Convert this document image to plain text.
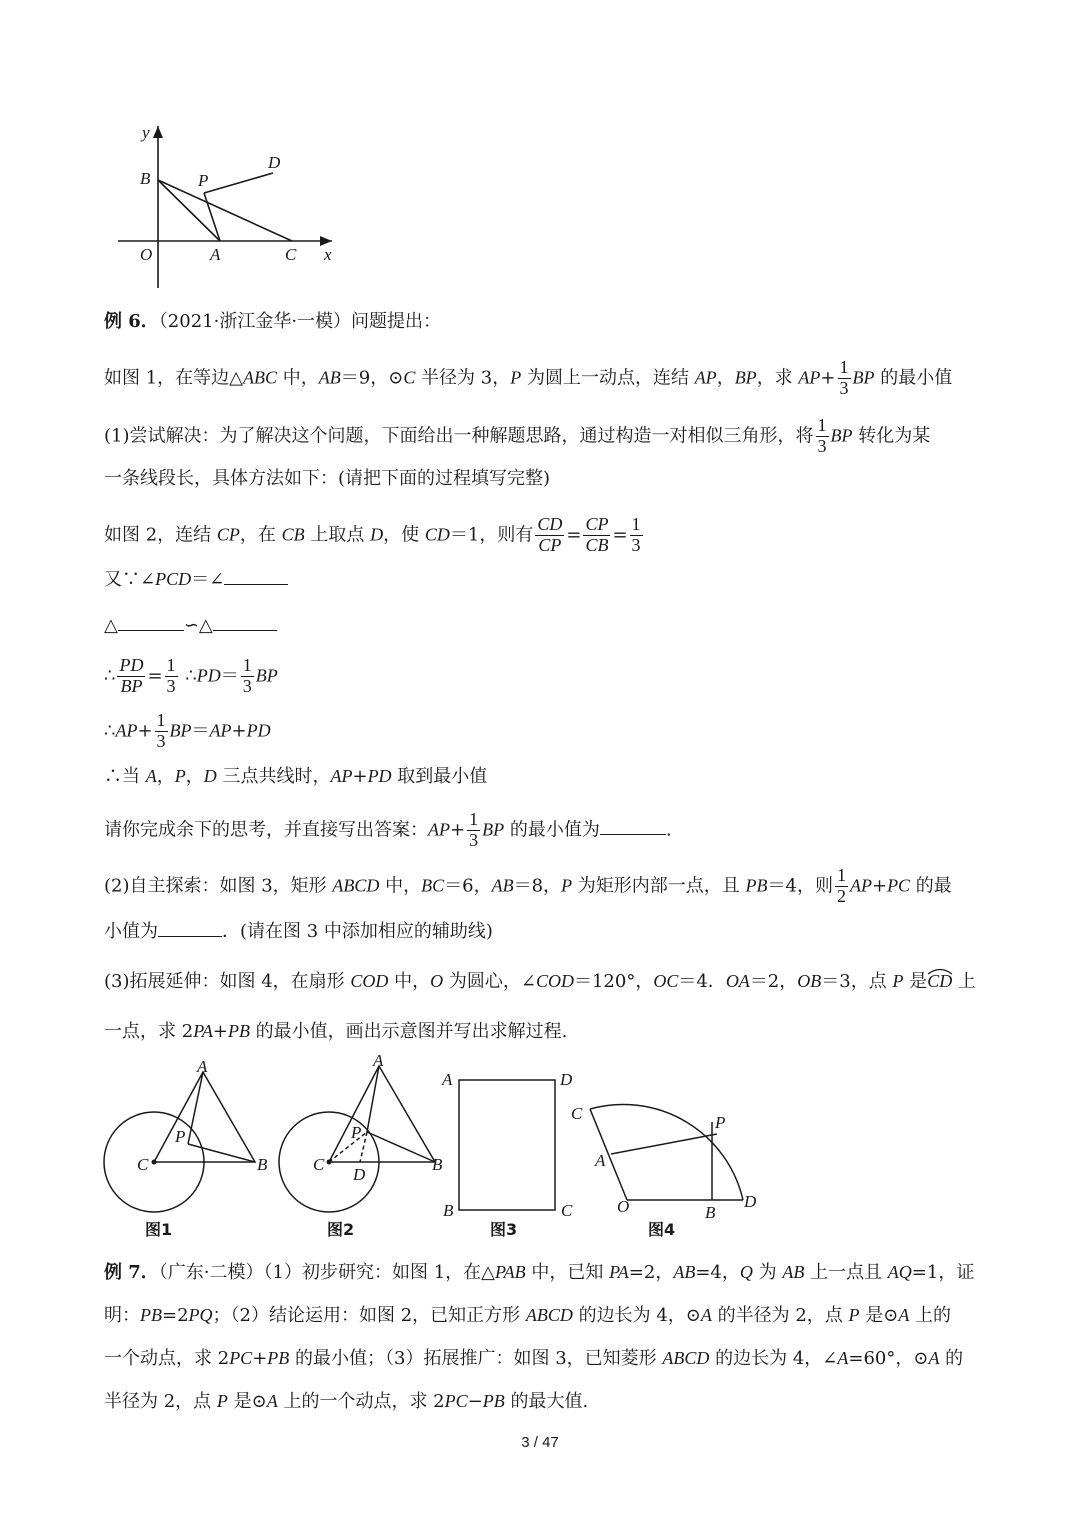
y
x
O	A	C
B	P
D
例 6．（2021·浙江金华·一模）问题提出：
如图 1，在等边△ABC 中，AB＝9，⊙C 半径为 3，P 为圆上一动点，连结 AP，BP，求 $AP+ \frac{1}{3}$ BP 的最小值
(1)尝试解决：为了解决这个问题，下面给出一种解题思路，通过构造一对相似三角形，将 $\frac{1}{3}$ BP 转化为某
一条线段长，具体方法如下：(请把下面的过程填写完整)
如图 2，连结 CP，在 CB 上取点 D，使 CD＝1，则有 $\frac{CD}{CP} = \frac{CP}{CB} = \frac{1}{3}$
又∵∠PCD＝∠
△	∽△
∴ $\frac{PD}{BP} = \frac{1}{3}$ ∴PD＝ $\frac{1}{3}$ BP
∴AP+ $\frac{1}{3} BP=AP+PD$
∴当 A，P，D 三点共线时，AP+PD 取到最小值
请你完成余下的思考，并直接写出答案：$AP+ \frac{1}{3}$ BP 的最小值为	.
(2)自主探索：如图 3，矩形 ABCD 中，BC＝6，AB＝8，P 为矩形内部一点，且 PB＝4，则 $\frac{1}{2} AP+PC$ 的最
小值为	．(请在图 3 中添加相应的辅助线)
(3)拓展延伸：如图 4，在扇形 COD 中，O 为圆心，∠COD＝120°，OC＝4．OA＝2，OB＝3，点 P 是CD
上
一点，求 2PA+PB 的最小值，画出示意图并写出求解过程.
A
P
C	B
图1
A
P
C
D
B
图2
A	D
B	C
图3
C
A
P
O	B
D
图4
例 7．（广东·二模）（1）初步研究：如图 1，在△PAB 中，已知 PA=2，AB=4，Q 为 AB 上一点且 AQ=1，证
明：PB=2PQ；（2）结论运用：如图 2，已知正方形 ABCD 的边长为 4，⊙A 的半径为 2，点 P 是⊙A 上的
一个动点，求 2PC+PB 的最小值；（3）拓展推广：如图 3，已知菱形 ABCD 的边长为 4，∠A=60°，⊙A 的
半径为 2，点 P 是⊙A 上的一个动点，求 2PC−PB 的最大值.
3 / 47
